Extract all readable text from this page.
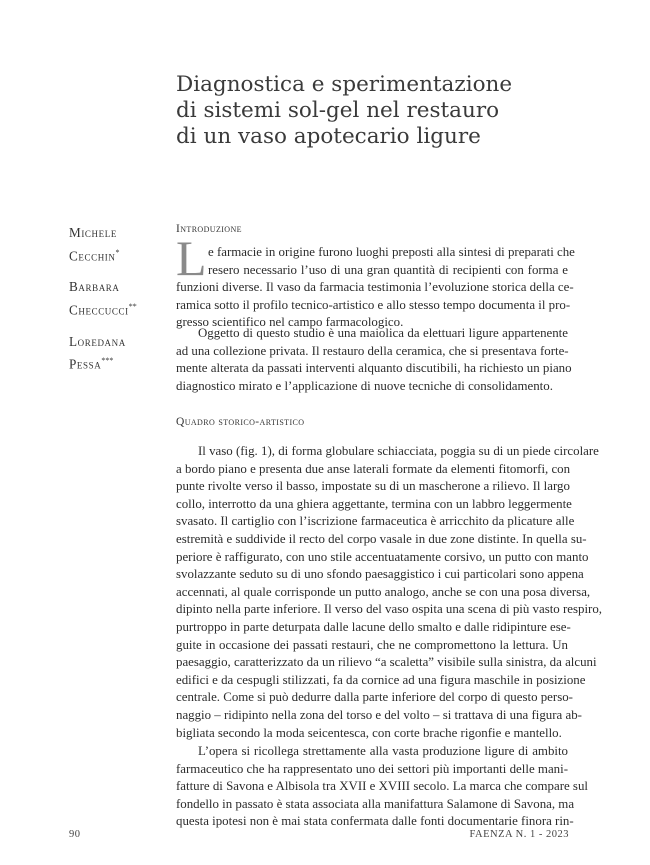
Diagnostica e sperimentazione
di sistemi sol-gel nel restauro
di un vaso apotecario ligure
Michele
Cecchin*
Barbara
Checcucci**
Loredana
Pessa***
Introduzione
L e farmacie in origine furono luoghi preposti alla sintesi di preparati che
resero necessario l’uso di una gran quantità di recipienti con forma e
funzioni diverse. Il vaso da farmacia testimonia l’evoluzione storica della ce-
ramica sotto il profilo tecnico-artistico e allo stesso tempo documenta il pro-
gresso scientifico nel campo farmacologico.
Oggetto di questo studio è una maiolica da elettuari ligure appartenente
ad una collezione privata. Il restauro della ceramica, che si presentava forte-
mente alterata da passati interventi alquanto discutibili, ha richiesto un piano
diagnostico mirato e l’applicazione di nuove tecniche di consolidamento.
Quadro storico-artistico
Il vaso (fig. 1), di forma globulare schiacciata, poggia su di un piede circolare
a bordo piano e presenta due anse laterali formate da elementi fitomorfi, con
punte rivolte verso il basso, impostate su di un mascherone a rilievo. Il largo
collo, interrotto da una ghiera aggettante, termina con un labbro leggermente
svasato. Il cartiglio con l’iscrizione farmaceutica è arricchito da plicature alle
estremità e suddivide il recto del corpo vasale in due zone distinte. In quella su-
periore è raffigurato, con uno stile accentuatamente corsivo, un putto con manto
svolazzante seduto su di uno sfondo paesaggistico i cui particolari sono appena
accennati, al quale corrisponde un putto analogo, anche se con una posa diversa,
dipinto nella parte inferiore. Il verso del vaso ospita una scena di più vasto respiro,
purtroppo in parte deturpata dalle lacune dello smalto e dalle ridipinture ese-
guite in occasione dei passati restauri, che ne compromettono la lettura. Un
paesaggio, caratterizzato da un rilievo “a scaletta” visibile sulla sinistra, da alcuni
edifici e da cespugli stilizzati, fa da cornice ad una figura maschile in posizione
centrale. Come si può dedurre dalla parte inferiore del corpo di questo perso-
naggio – ridipinto nella zona del torso e del volto – si trattava di una figura ab-
bigliata secondo la moda seicentesca, con corte brache rigonfie e mantello.
L’opera si ricollega strettamente alla vasta produzione ligure di ambito
farmaceutico che ha rappresentato uno dei settori più importanti delle mani-
fatture di Savona e Albisola tra XVII e XVIII secolo. La marca che compare sul
fondello in passato è stata associata alla manifattura Salamone di Savona, ma
questa ipotesi non è mai stata confermata dalle fonti documentarie finora rin-
90	FAENZA N. 1 - 2023
